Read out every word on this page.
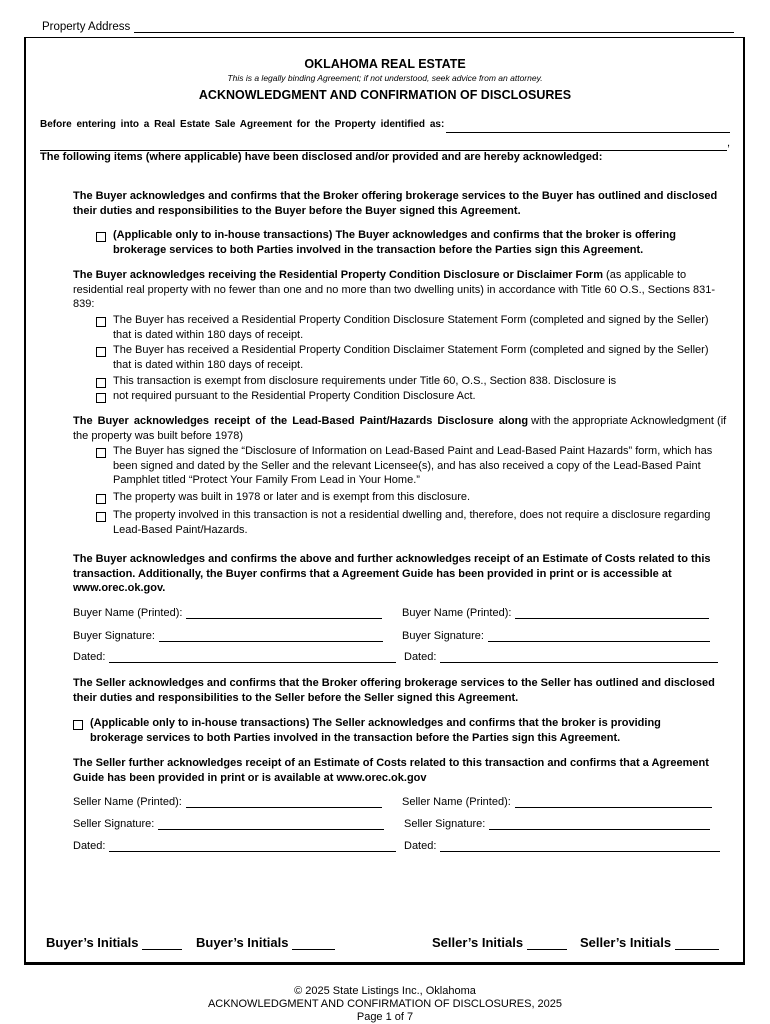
Property Address
OKLAHOMA REAL ESTATE
This is a legally binding Agreement; if not understood, seek advice from an attorney.
ACKNOWLEDGMENT AND CONFIRMATION OF DISCLOSURES
Before entering into a Real Estate Sale Agreement for the Property identified as:
,
The following items (where applicable) have been disclosed and/or provided and are hereby acknowledged:
The Buyer acknowledges and confirms that the Broker offering brokerage services to the Buyer has outlined and disclosed their duties and responsibilities to the Buyer before the Buyer signed this Agreement.
(Applicable only to in-house transactions) The Buyer acknowledges and confirms that the broker is offering
brokerage services to both Parties involved in the transaction before the Parties sign this Agreement.
The Buyer acknowledges receiving the Residential Property Condition Disclosure or Disclaimer Form (as applicable to residential real property with no fewer than one and no more than two dwelling units) in accordance with Title 60 O.S., Sections 831-839:
The Buyer has received a Residential Property Condition Disclosure Statement Form (completed and signed by the Seller) that is dated within 180 days of receipt.
The Buyer has received a Residential Property Condition Disclaimer Statement Form (completed and signed by the Seller) that is dated within 180 days of receipt.
This transaction is exempt from disclosure requirements under Title 60, O.S., Section 838. Disclosure is
not required pursuant to the Residential Property Condition Disclosure Act.
The Buyer acknowledges receipt of the Lead-Based Paint/Hazards Disclosure along with the appropriate Acknowledgment (if the property was built before 1978)
The Buyer has signed the “Disclosure of Information on Lead-Based Paint and Lead-Based Paint Hazards” form, which has been signed and dated by the Seller and the relevant Licensee(s), and has also received a copy of the Lead-Based Paint Pamphlet titled “Protect Your Family From Lead in Your Home.”
The property was built in 1978 or later and is exempt from this disclosure.
The property involved in this transaction is not a residential dwelling and, therefore, does not require a disclosure regarding Lead-Based Paint/Hazards.
The Buyer acknowledges and confirms the above and further acknowledges receipt of an Estimate of Costs related to this transaction. Additionally, the Buyer confirms that a Agreement Guide has been provided in print or is accessible at www.orec.ok.gov.
Buyer Name (Printed):	Buyer Name (Printed):
Buyer Signature:	Buyer Signature:
Dated:	Dated:
The Seller acknowledges and confirms that the Broker offering brokerage services to the Seller has outlined and disclosed their duties and responsibilities to the Seller before the Seller signed this Agreement.
(Applicable only to in-house transactions) The Seller acknowledges and confirms that the broker is providing
brokerage services to both Parties involved in the transaction before the Parties sign this Agreement.
The Seller further acknowledges receipt of an Estimate of Costs related to this transaction and confirms that a Agreement Guide has been provided in print or is available at www.orec.ok.gov
Seller Name (Printed):	Seller Name (Printed):
Seller Signature:	Seller Signature:
Dated:	Dated:
Buyer’s Initials	Buyer’s Initials	Seller’s Initials	Seller’s Initials
© 2025 State Listings Inc., Oklahoma
ACKNOWLEDGMENT AND CONFIRMATION OF DISCLOSURES, 2025
Page 1 of 7
